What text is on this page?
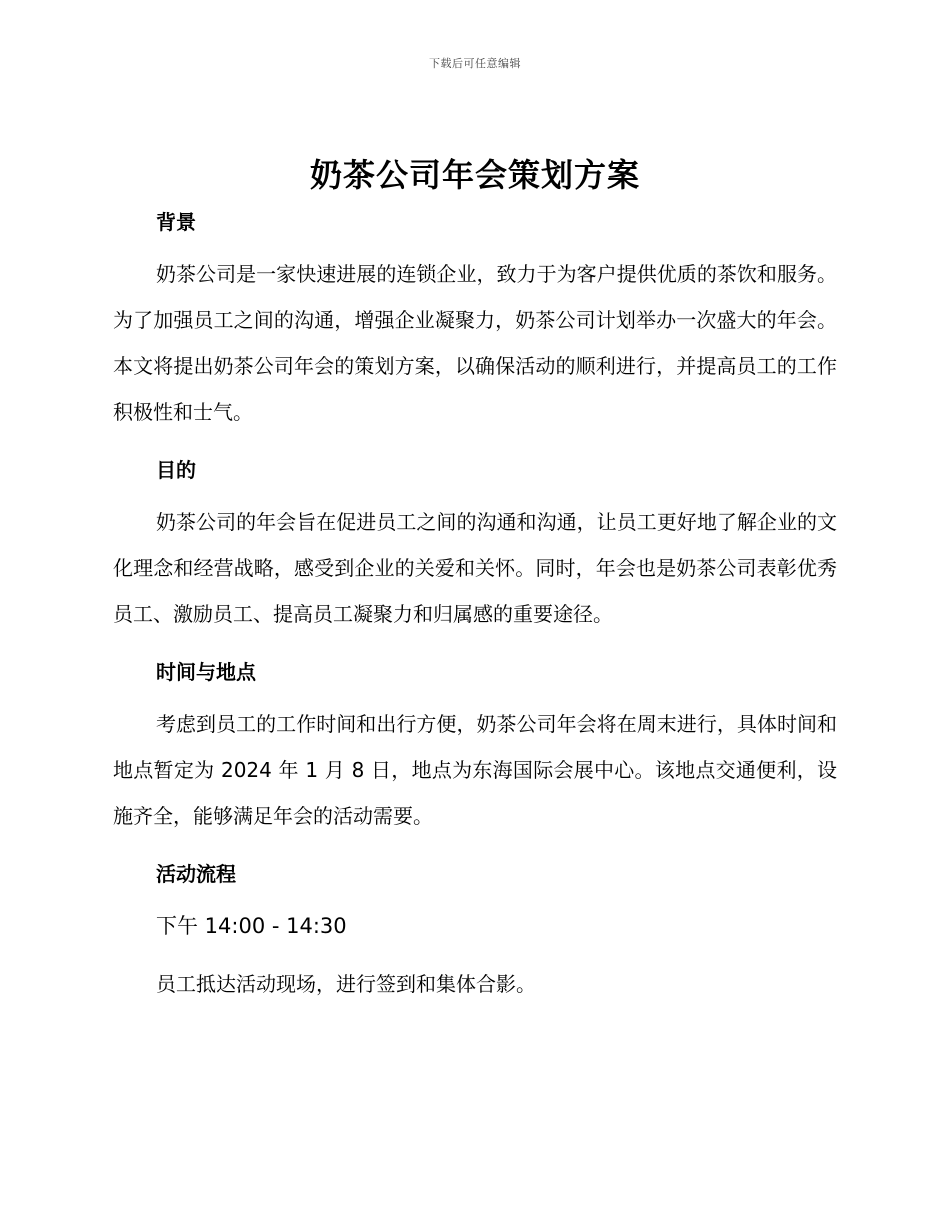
下载后可任意编辑
奶茶公司年会策划方案
背景

奶茶公司是一家快速进展的连锁企业，致力于为客户提供优质的茶饮和服务。为了加强员工之间的沟通，增强企业凝聚力，奶茶公司计划举办一次盛大的年会。本文将提出奶茶公司年会的策划方案，以确保活动的顺利进行，并提高员工的工作积极性和士气。

目的

奶茶公司的年会旨在促进员工之间的沟通和沟通，让员工更好地了解企业的文化理念和经营战略，感受到企业的关爱和关怀。同时，年会也是奶茶公司表彰优秀员工、激励员工、提高员工凝聚力和归属感的重要途径。

时间与地点

考虑到员工的工作时间和出行方便，奶茶公司年会将在周末进行，具体时间和地点暂定为 2024 年 1 月 8 日，地点为东海国际会展中心。该地点交通便利，设施齐全，能够满足年会的活动需要。

活动流程
下午 14:00 - 14:30

员工抵达活动现场，进行签到和集体合影。
